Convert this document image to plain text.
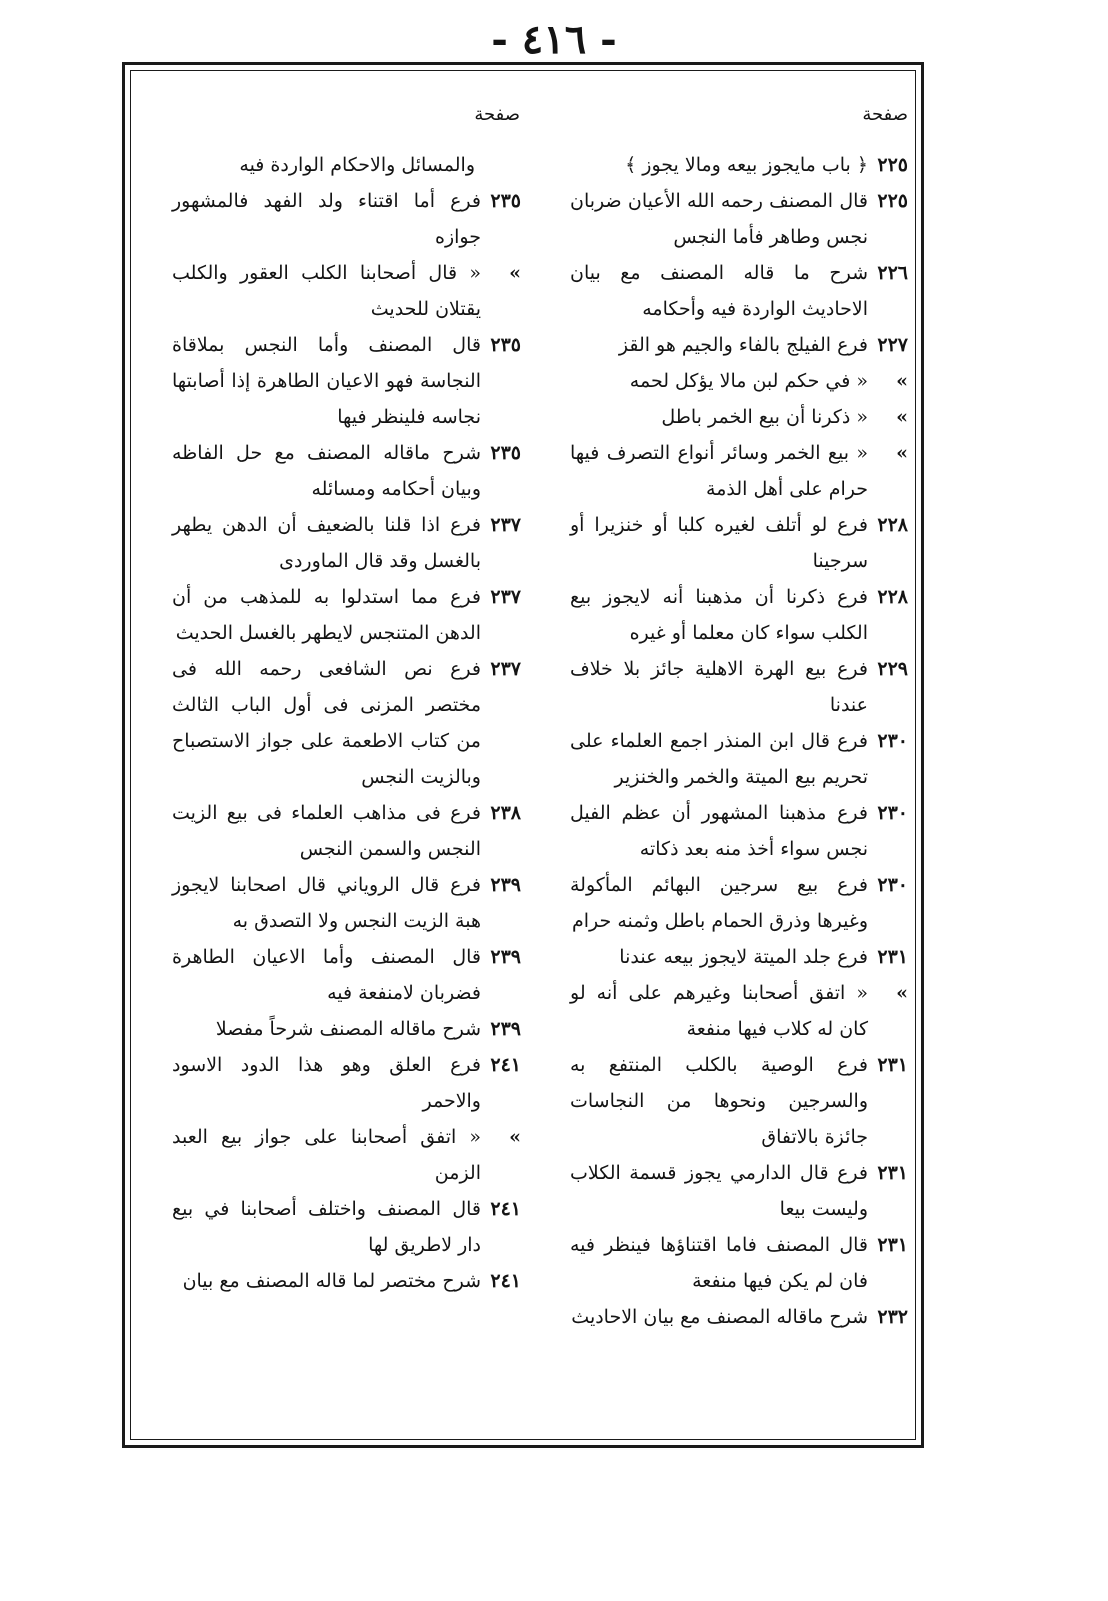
- ٤١٦ -
صفحة
صفحة
٢٢٥
﴿ باب مايجوز بيعه ومالا يجوز ﴾
٢٢٥
قال المصنف رحمه الله الأعيان ضربان نجس وطاهر فأما النجس
٢٢٦
شرح ما قاله المصنف مع بيان الاحاديث الواردة فيه وأحكامه
٢٢٧
فرع الفيلج بالفاء والجيم هو القز
»
« في حكم لبن مالا يؤكل لحمه
»
« ذكرنا أن بيع الخمر باطل
»
« بيع الخمر وسائر أنواع التصرف فيها حرام على أهل الذمة
٢٢٨
فرع لو أتلف لغيره كلبا أو خنزيرا أو سرجينا
٢٢٨
فرع ذكرنا أن مذهبنا أنه لايجوز بيع الكلب سواء كان معلما أو غيره
٢٢٩
فرع بيع الهرة الاهلية جائز بلا خلاف عندنا
٢٣٠
فرع قال ابن المنذر اجمع العلماء على تحريم بيع الميتة والخمر والخنزير
٢٣٠
فرع مذهبنا المشهور أن عظم الفيل نجس سواء أخذ منه بعد ذكاته
٢٣٠
فرع بيع سرجين البهائم المأكولة وغيرها وذرق الحمام باطل وثمنه حرام
٢٣١
فرع جلد الميتة لايجوز بيعه عندنا
»
« اتفق أصحابنا وغيرهم على أنه لو كان له كلاب فيها منفعة
٢٣١
فرع الوصية بالكلب المنتفع به والسرجين ونحوها من النجاسات جائزة بالاتفاق
٢٣١
فرع قال الدارمي يجوز قسمة الكلاب وليست بيعا
٢٣١
قال المصنف فاما اقتناؤها فينظر فيه فان لم يكن فيها منفعة
٢٣٢
شرح ماقاله المصنف مع بيان الاحاديث
والمسائل والاحكام الواردة فيه
٢٣٥
فرع أما اقتناء ولد الفهد فالمشهور جوازه
»
« قال أصحابنا الكلب العقور والكلب يقتلان للحديث
٢٣٥
قال المصنف وأما النجس بملاقاة النجاسة فهو الاعيان الطاهرة إذا أصابتها نجاسه فلينظر فيها
٢٣٥
شرح ماقاله المصنف مع حل الفاظه وبيان أحكامه ومسائله
٢٣٧
فرع اذا قلنا بالضعيف أن الدهن يطهر بالغسل وقد قال الماوردى
٢٣٧
فرع مما استدلوا به للمذهب من أن الدهن المتنجس لايطهر بالغسل الحديث
٢٣٧
فرع نص الشافعى رحمه الله فى مختصر المزنى فى أول الباب الثالث من كتاب الاطعمة على جواز الاستصباح وبالزيت النجس
٢٣٨
فرع فى مذاهب العلماء فى بيع الزيت النجس والسمن النجس
٢٣٩
فرع قال الروياني قال اصحابنا لايجوز هبة الزيت النجس ولا التصدق به
٢٣٩
قال المصنف وأما الاعيان الطاهرة فضربان لامنفعة فيه
٢٣٩
شرح ماقاله المصنف شرحاً مفصلا
٢٤١
فرع العلق وهو هذا الدود الاسود والاحمر
»
« اتفق أصحابنا على جواز بيع العبد الزمن
٢٤١
قال المصنف واختلف أصحابنا في بيع دار لاطريق لها
٢٤١
شرح مختصر لما قاله المصنف مع بيان
